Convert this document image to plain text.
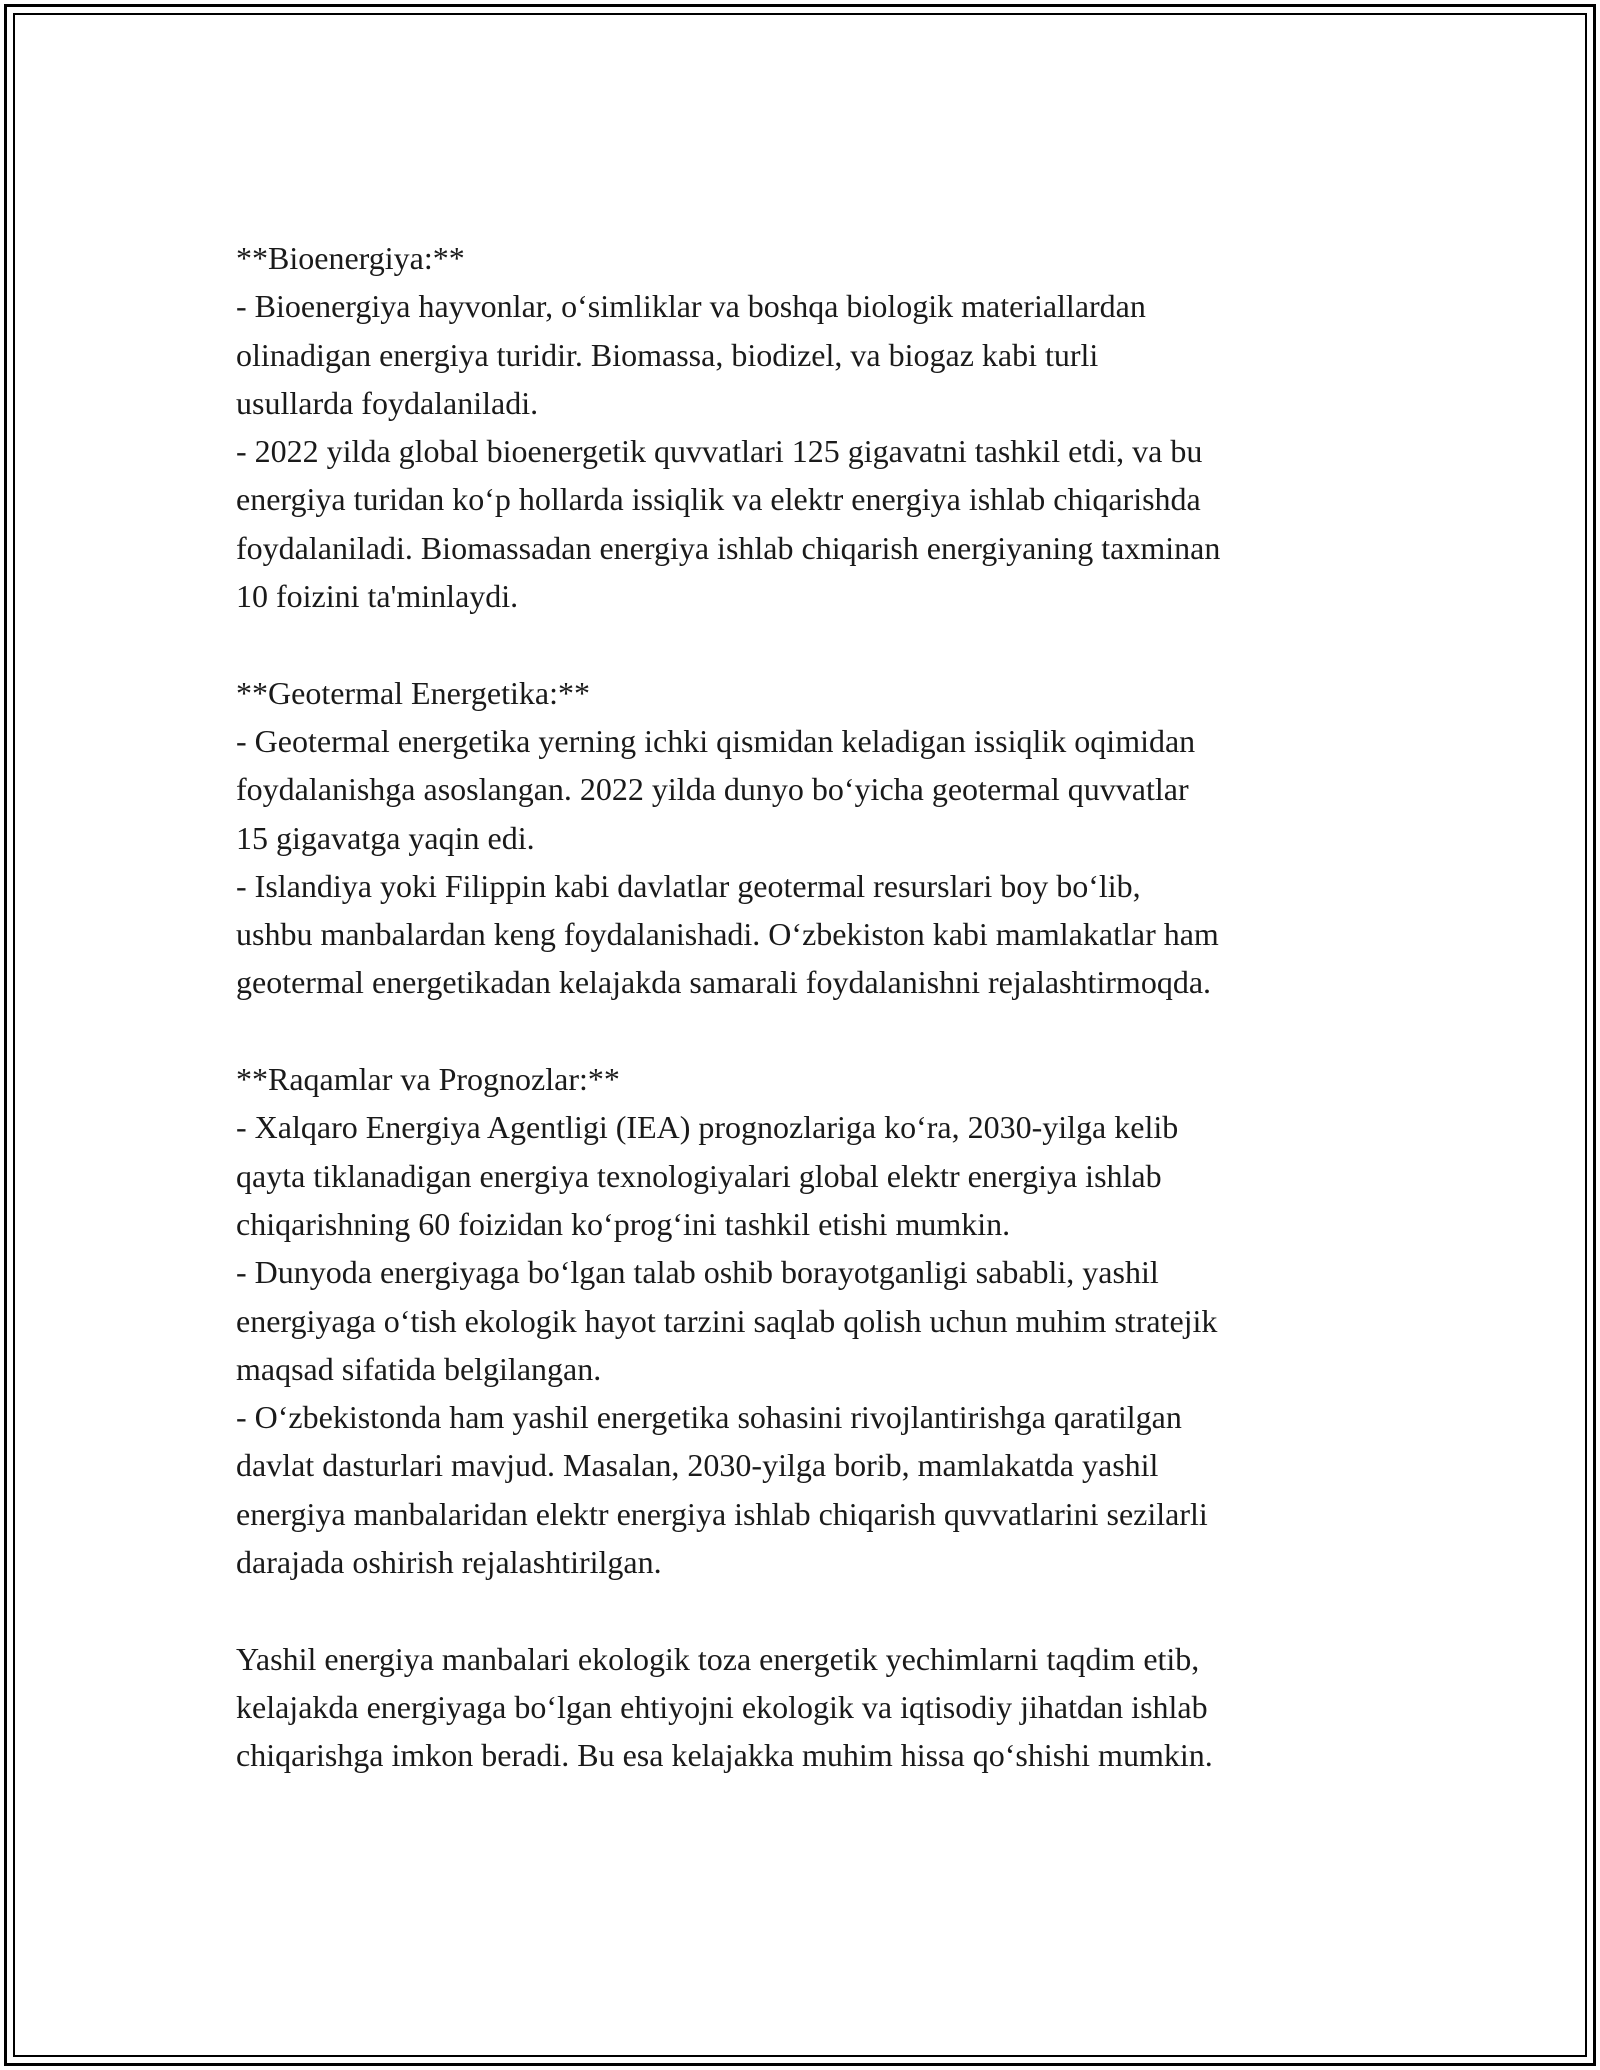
**Bioenergiya:**
- Bioenergiya hayvonlar, o‘simliklar va boshqa biologik materiallardan
olinadigan energiya turidir. Biomassa, biodizel, va biogaz kabi turli
usullarda foydalaniladi.
- 2022 yilda global bioenergetik quvvatlari 125 gigavatni tashkil etdi, va bu
energiya turidan ko‘p hollarda issiqlik va elektr energiya ishlab chiqarishda
foydalaniladi. Biomassadan energiya ishlab chiqarish energiyaning taxminan
10 foizini ta'minlaydi.
**Geotermal Energetika:**
- Geotermal energetika yerning ichki qismidan keladigan issiqlik oqimidan
foydalanishga asoslangan. 2022 yilda dunyo bo‘yicha geotermal quvvatlar
15 gigavatga yaqin edi.
- Islandiya yoki Filippin kabi davlatlar geotermal resurslari boy bo‘lib,
ushbu manbalardan keng foydalanishadi. O‘zbekiston kabi mamlakatlar ham
geotermal energetikadan kelajakda samarali foydalanishni rejalashtirmoqda.
**Raqamlar va Prognozlar:**
- Xalqaro Energiya Agentligi (IEA) prognozlariga ko‘ra, 2030-yilga kelib
qayta tiklanadigan energiya texnologiyalari global elektr energiya ishlab
chiqarishning 60 foizidan ko‘prog‘ini tashkil etishi mumkin.
- Dunyoda energiyaga bo‘lgan talab oshib borayotganligi sababli, yashil
energiyaga o‘tish ekologik hayot tarzini saqlab qolish uchun muhim stratejik
maqsad sifatida belgilangan.
- O‘zbekistonda ham yashil energetika sohasini rivojlantirishga qaratilgan
davlat dasturlari mavjud. Masalan, 2030-yilga borib, mamlakatda yashil
energiya manbalaridan elektr energiya ishlab chiqarish quvvatlarini sezilarli
darajada oshirish rejalashtirilgan.
Yashil energiya manbalari ekologik toza energetik yechimlarni taqdim etib,
kelajakda energiyaga bo‘lgan ehtiyojni ekologik va iqtisodiy jihatdan ishlab
chiqarishga imkon beradi. Bu esa kelajakka muhim hissa qo‘shishi mumkin.
